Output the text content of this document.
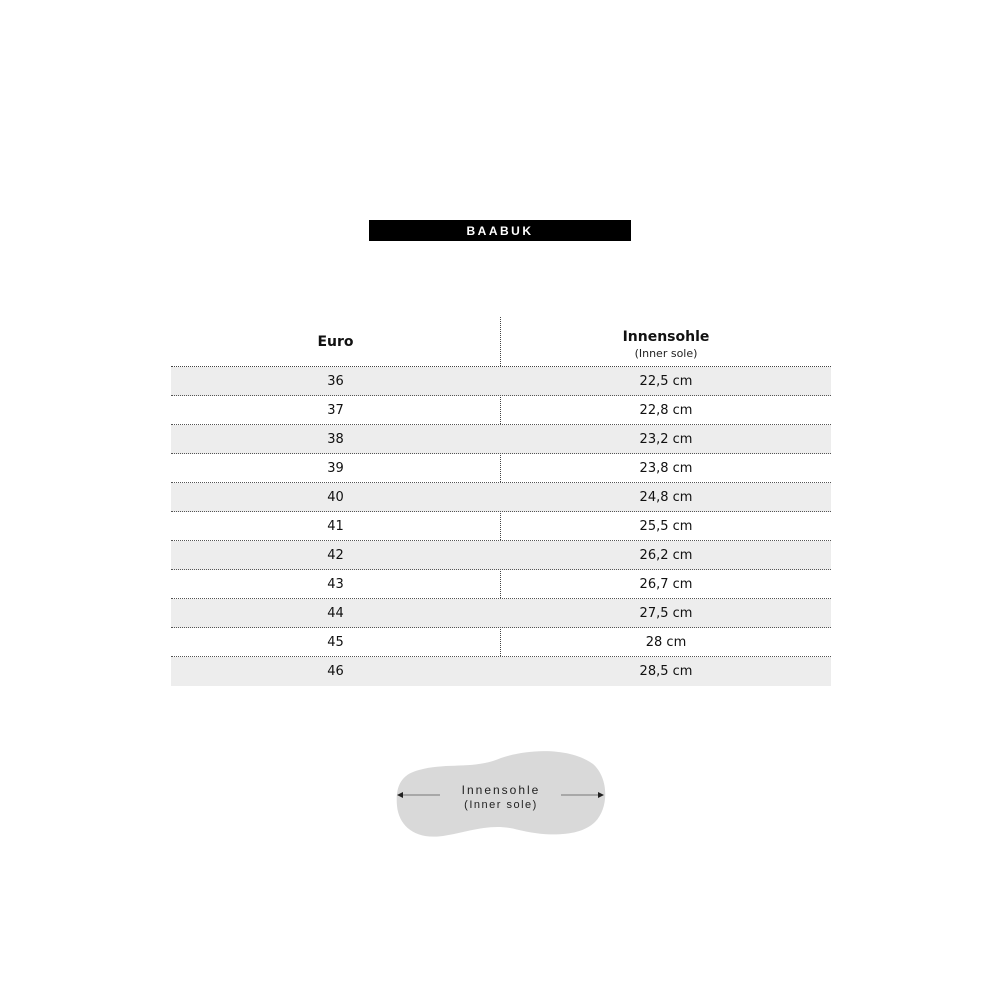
BAABUK
Euro	Innensohle
(Inner sole)
36	22,5 cm
37	22,8 cm
38	23,2 cm
39	23,8 cm
40	24,8 cm
41	25,5 cm
42	26,2 cm
43	26,7 cm
44	27,5 cm
45	28 cm
46	28,5 cm
Innensohle
(Inner sole)
